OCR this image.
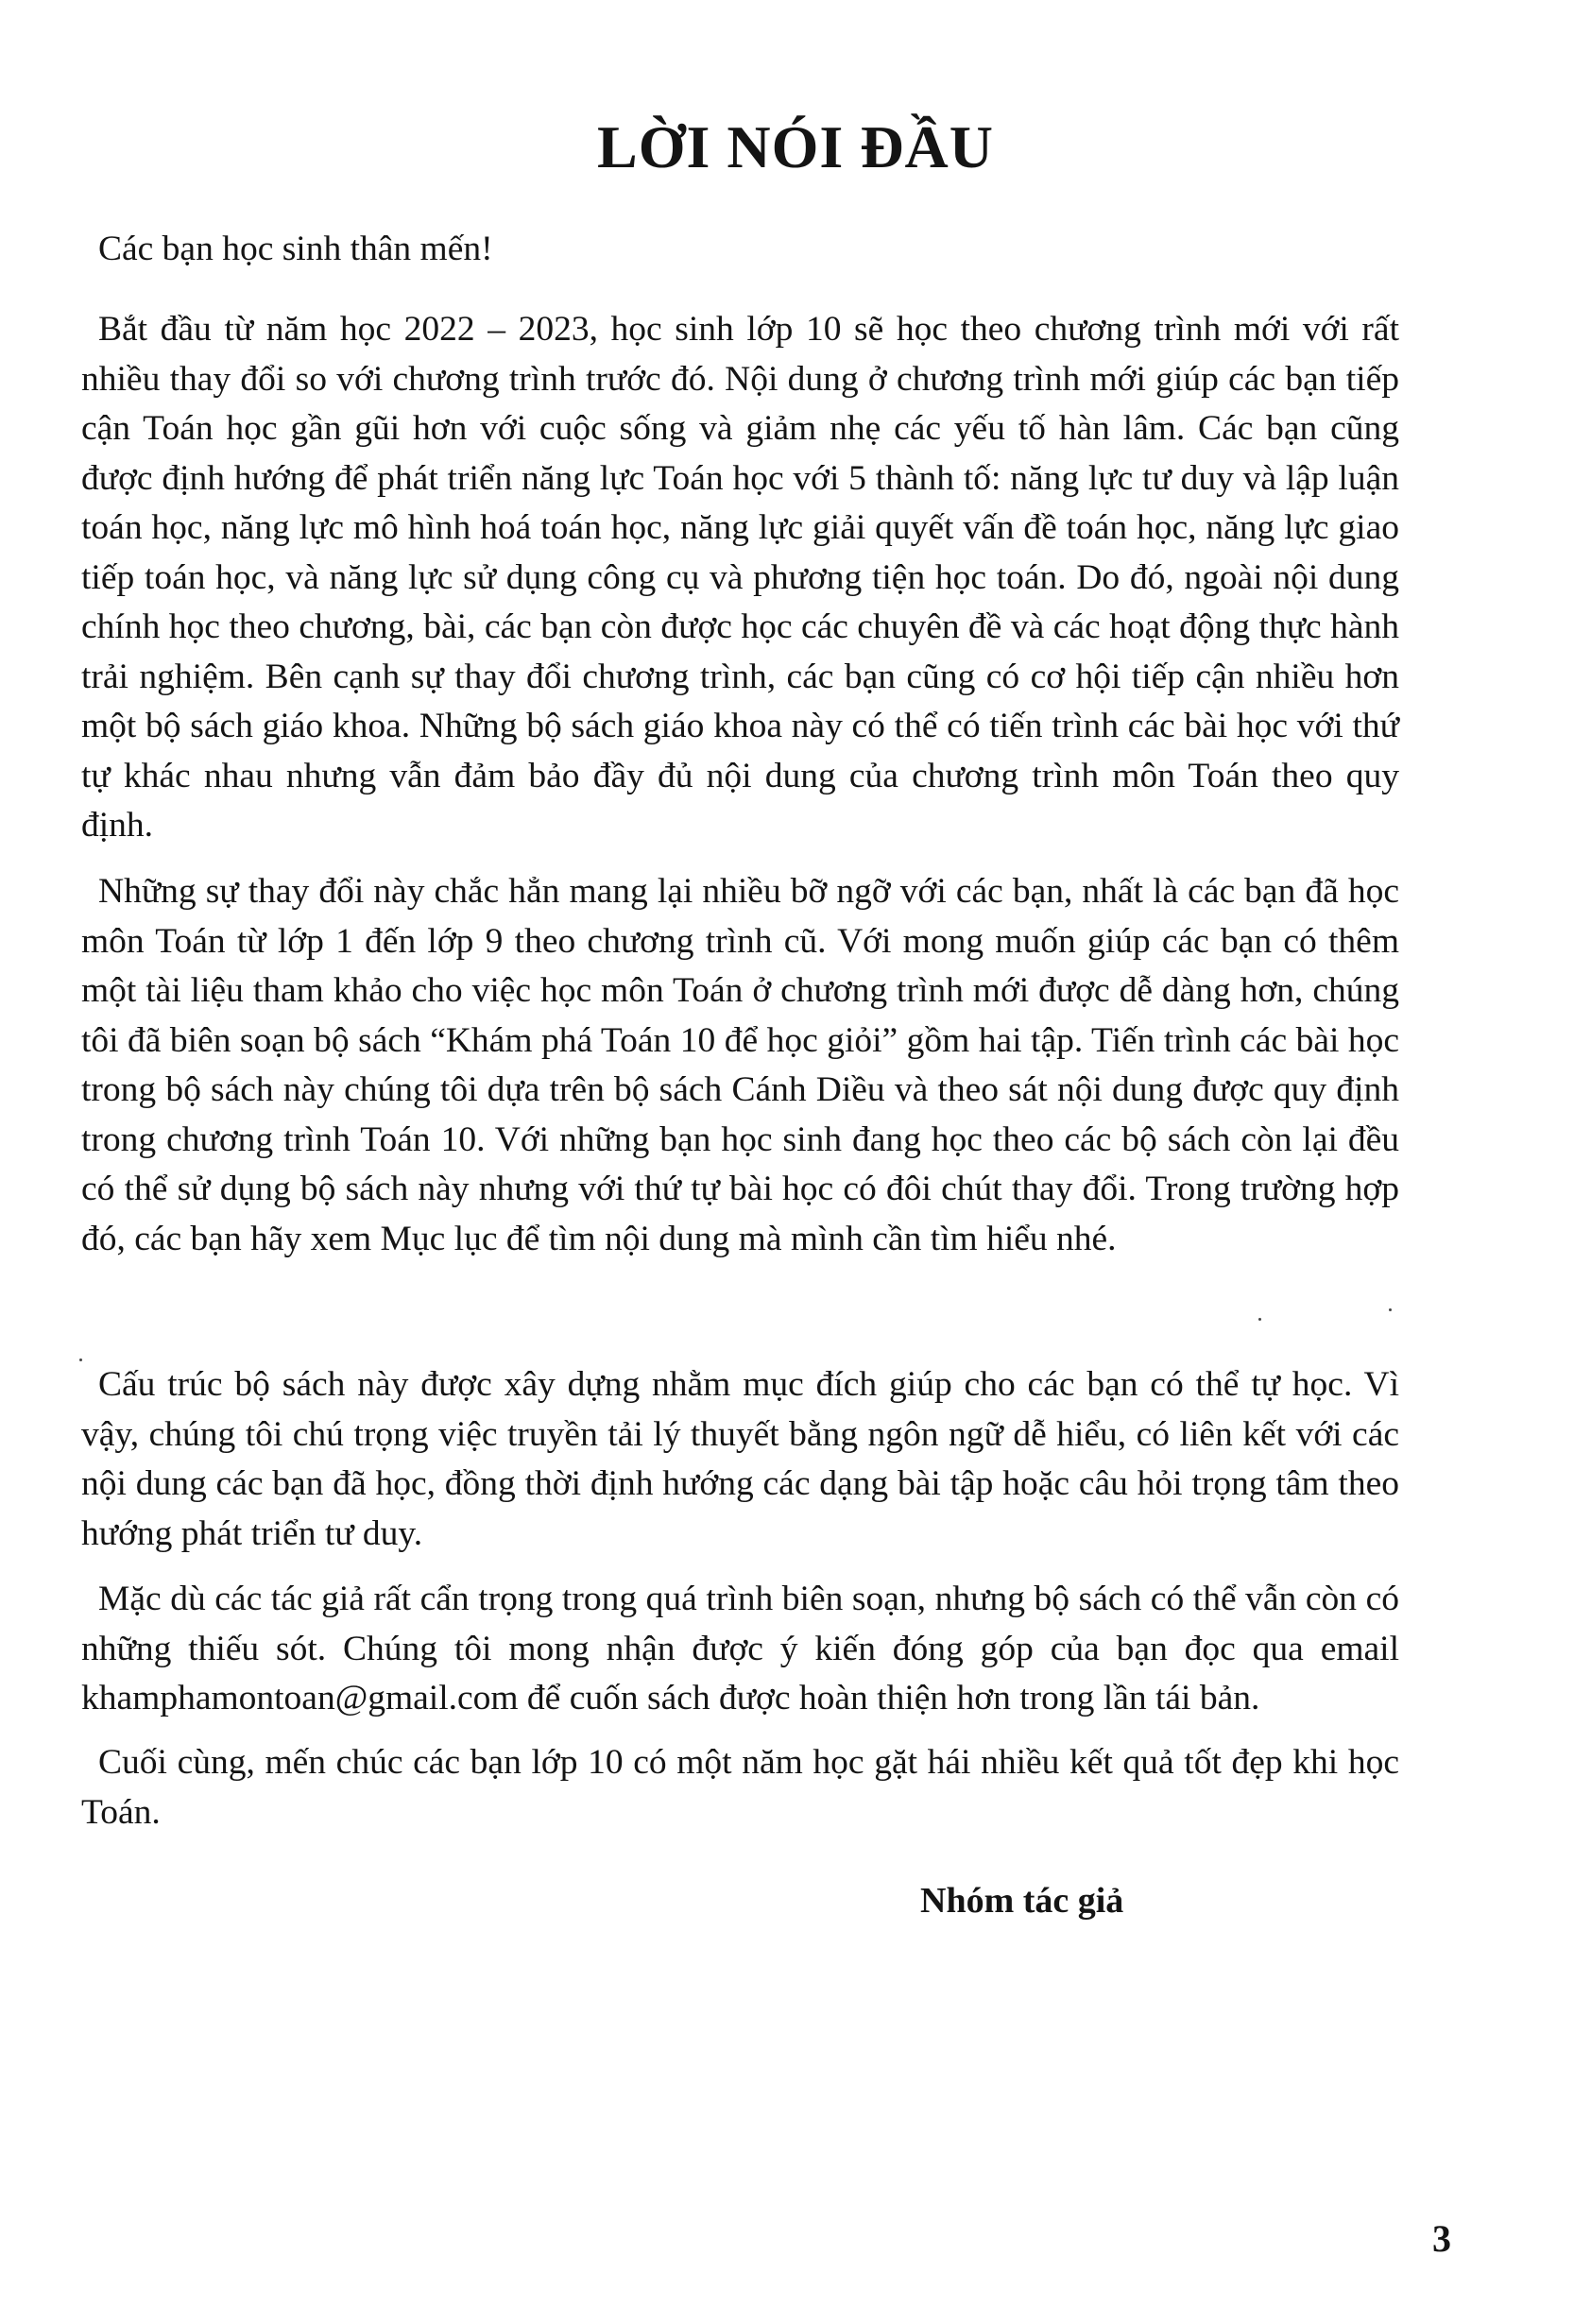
LỜI NÓI ĐẦU

Các bạn học sinh thân mến!

Bắt đầu từ năm học 2022 – 2023, học sinh lớp 10 sẽ học theo chương trình mới với rất nhiều thay đổi so với chương trình trước đó. Nội dung ở chương trình mới giúp các bạn tiếp cận Toán học gần gũi hơn với cuộc sống và giảm nhẹ các yếu tố hàn lâm. Các bạn cũng được định hướng để phát triển năng lực Toán học với 5 thành tố: năng lực tư duy và lập luận toán học, năng lực mô hình hoá toán học, năng lực giải quyết vấn đề toán học, năng lực giao tiếp toán học, và năng lực sử dụng công cụ và phương tiện học toán. Do đó, ngoài nội dung chính học theo chương, bài, các bạn còn được học các chuyên đề và các hoạt động thực hành trải nghiệm. Bên cạnh sự thay đổi chương trình, các bạn cũng có cơ hội tiếp cận nhiều hơn một bộ sách giáo khoa. Những bộ sách giáo khoa này có thể có tiến trình các bài học với thứ tự khác nhau nhưng vẫn đảm bảo đầy đủ nội dung của chương trình môn Toán theo quy định.

Những sự thay đổi này chắc hẳn mang lại nhiều bỡ ngỡ với các bạn, nhất là các bạn đã học môn Toán từ lớp 1 đến lớp 9 theo chương trình cũ. Với mong muốn giúp các bạn có thêm một tài liệu tham khảo cho việc học môn Toán ở chương trình mới được dễ dàng hơn, chúng tôi đã biên soạn bộ sách “Khám phá Toán 10 để học giỏi” gồm hai tập. Tiến trình các bài học trong bộ sách này chúng tôi dựa trên bộ sách Cánh Diều và theo sát nội dung được quy định trong chương trình Toán 10. Với những bạn học sinh đang học theo các bộ sách còn lại đều có thể sử dụng bộ sách này nhưng với thứ tự bài học có đôi chút thay đổi. Trong trường hợp đó, các bạn hãy xem Mục lục để tìm nội dung mà mình cần tìm hiểu nhé.

Cấu trúc bộ sách này được xây dựng nhằm mục đích giúp cho các bạn có thể tự học. Vì vậy, chúng tôi chú trọng việc truyền tải lý thuyết bằng ngôn ngữ dễ hiểu, có liên kết với các nội dung các bạn đã học, đồng thời định hướng các dạng bài tập hoặc câu hỏi trọng tâm theo hướng phát triển tư duy.

Mặc dù các tác giả rất cẩn trọng trong quá trình biên soạn, nhưng bộ sách có thể vẫn còn có những thiếu sót. Chúng tôi mong nhận được ý kiến đóng góp của bạn đọc qua email khamphamontoan@gmail.com để cuốn sách được hoàn thiện hơn trong lần tái bản.

Cuối cùng, mến chúc các bạn lớp 10 có một năm học gặt hái nhiều kết quả tốt đẹp khi học Toán.

Nhóm tác giả

3
